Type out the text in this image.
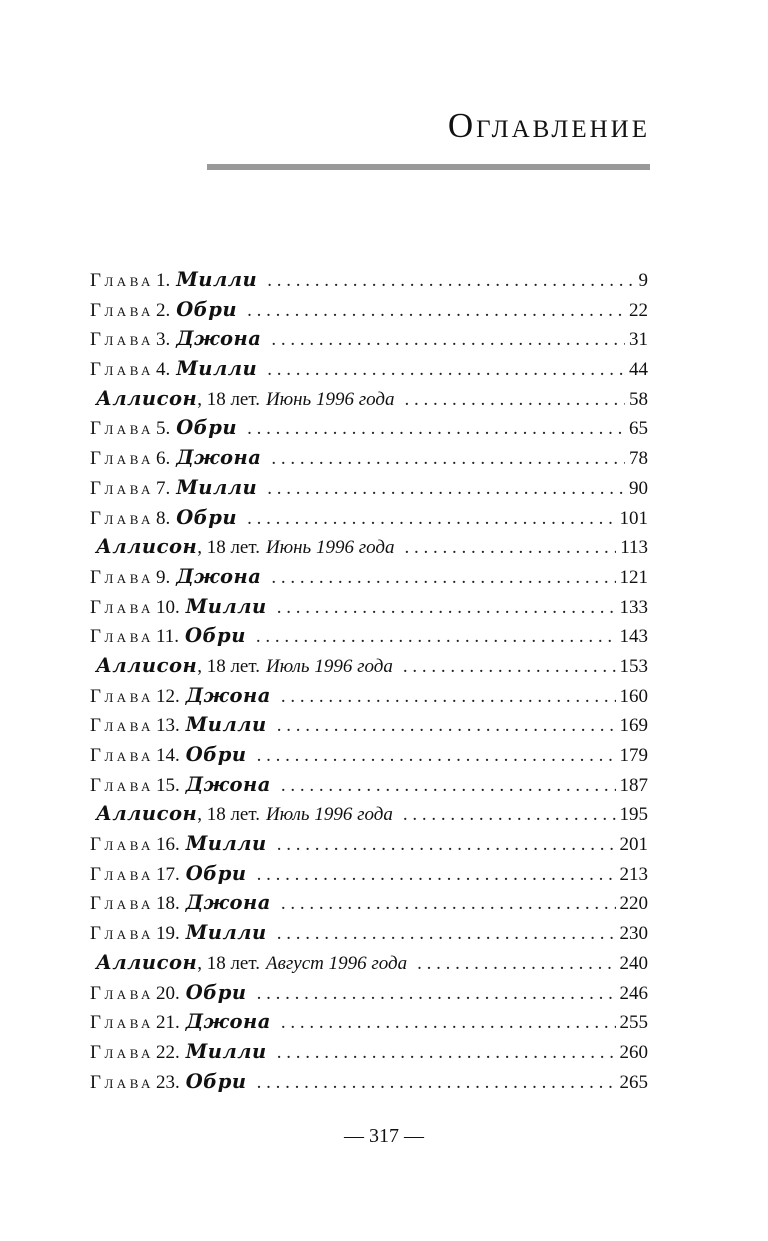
Оглавление
Глава 1. Милли . . .	9
Глава 2. Обри . . .	22
Глава 3. Джона . . .	31
Глава 4. Милли . . .	44
Аллисон , 18 лет. Июнь 1996 года . . .	58
Глава 5. Обри . . .	65
Глава 6. Джона . . .	78
Глава 7. Милли . . .	90
Глава 8. Обри . . .	101
Аллисон , 18 лет. Июнь 1996 года . . .	113
Глава 9. Джона . . .	121
Глава 10. Милли . . .	133
Глава 11. Обри . . .	143
Аллисон , 18 лет. Июль 1996 года . . .	153
Глава 12. Джона . . .	160
Глава 13. Милли . . .	169
Глава 14. Обри . . .	179
Глава 15. Джона . . .	187
Аллисон , 18 лет. Июль 1996 года . . .	195
Глава 16. Милли . . .	201
Глава 17. Обри . . .	213
Глава 18. Джона . . .	220
Глава 19. Милли . . .	230
Аллисон , 18 лет. Август 1996 года . . .	240
Глава 20. Обри . . .	246
Глава 21. Джона . . .	255
Глава 22. Милли . . .	260
Глава 23. Обри . . .	265
— 317 —
